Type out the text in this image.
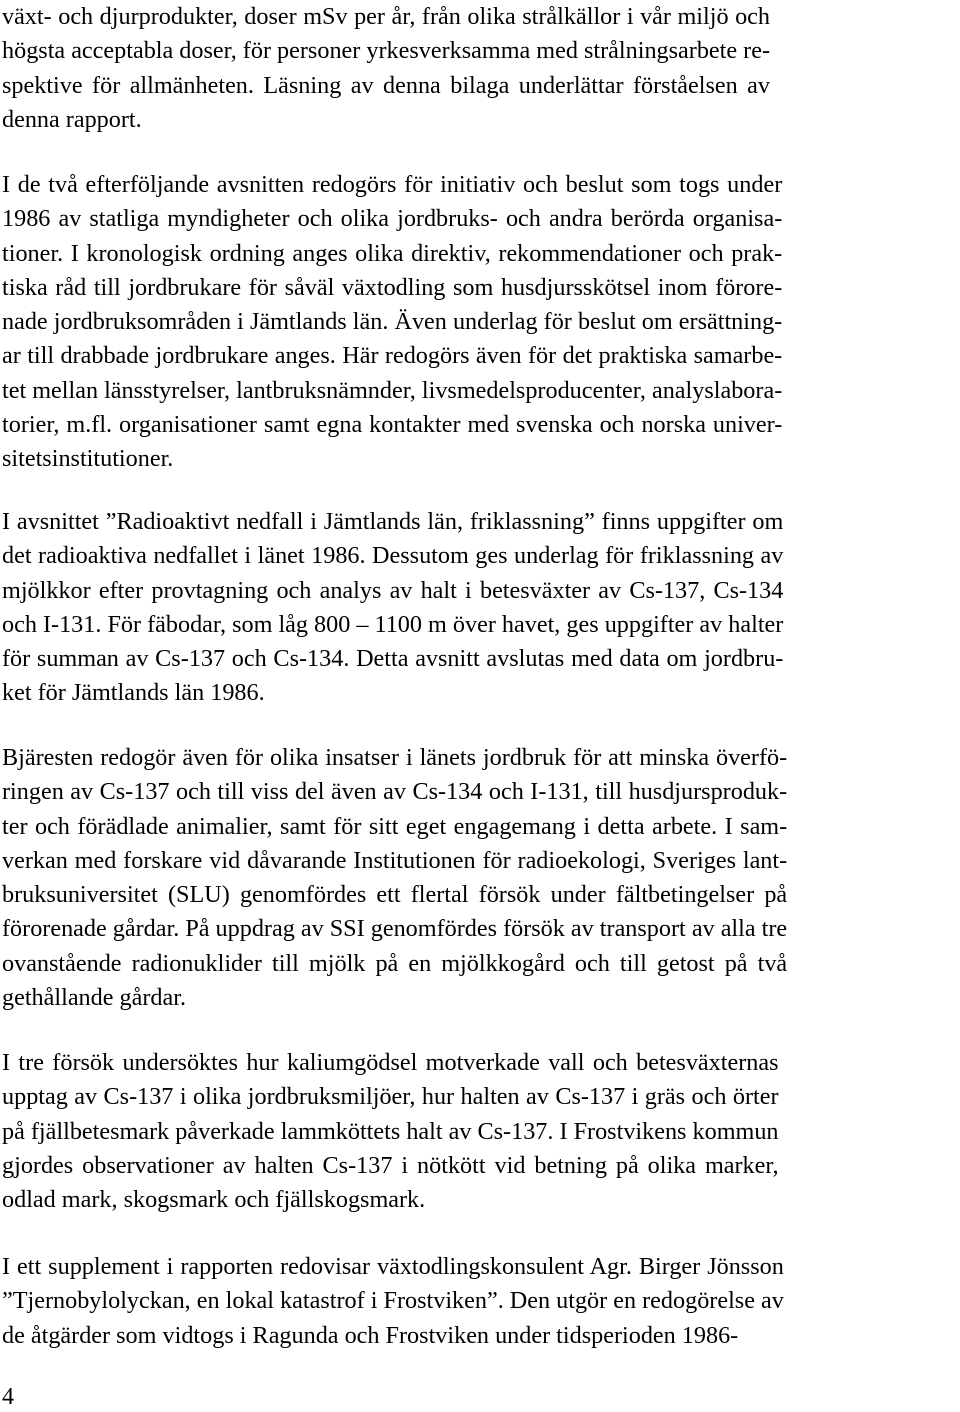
växt- och djurprodukter, doser mSv per år, från olika strålkällor i vår miljö och
högsta acceptabla doser, för personer yrkesverksamma med strålningsarbete re-
spektive för allmänheten. Läsning av denna bilaga underlättar förståelsen av
denna rapport.

I de två efterföljande avsnitten redogörs för initiativ och beslut som togs under
1986 av statliga myndigheter och olika jordbruks- och andra berörda organisa-
tioner. I kronologisk ordning anges olika direktiv, rekommendationer och prak-
tiska råd till jordbrukare för såväl växtodling som husdjursskötsel inom förore-
nade jordbruksområden i Jämtlands län. Även underlag för beslut om ersättning-
ar till drabbade jordbrukare anges. Här redogörs även för det praktiska samarbe-
tet mellan länsstyrelser, lantbruksnämnder, livsmedelsproducenter, analyslabora-
torier, m.fl. organisationer samt egna kontakter med svenska och norska univer-
sitetsinstitutioner.

I avsnittet ”Radioaktivt nedfall i Jämtlands län, friklassning” finns uppgifter om
det radioaktiva nedfallet i länet 1986. Dessutom ges underlag för friklassning av
mjölkkor efter provtagning och analys av halt i betesväxter av Cs-137, Cs-134
och I-131. För fäbodar, som låg 800 – 1100 m över havet, ges uppgifter av halter
för summan av Cs-137 och Cs-134. Detta avsnitt avslutas med data om jordbru-
ket för Jämtlands län 1986.

Bjäresten redogör även för olika insatser i länets jordbruk för att minska överfö-
ringen av Cs-137 och till viss del även av Cs-134 och I-131, till husdjursproduk-
ter och förädlade animalier, samt för sitt eget engagemang i detta arbete. I sam-
verkan med forskare vid dåvarande Institutionen för radioekologi, Sveriges lant-
bruksuniversitet (SLU) genomfördes ett flertal försök under fältbetingelser på
förorenade gårdar. På uppdrag av SSI genomfördes försök av transport av alla tre
ovanstående radionuklider till mjölk på en mjölkkogård och till getost på två
gethållande gårdar.

I tre försök undersöktes hur kaliumgödsel motverkade vall och betesväxternas
upptag av Cs-137 i olika jordbruksmiljöer, hur halten av Cs-137 i gräs och örter
på fjällbetesmark påverkade lammköttets halt av Cs-137. I Frostvikens kommun
gjordes observationer av halten Cs-137 i nötkött vid betning på olika marker,
odlad mark, skogsmark och fjällskogsmark.

I ett supplement i rapporten redovisar växtodlingskonsulent Agr. Birger Jönsson
”Tjernobylolyckan, en lokal katastrof i Frostviken”. Den utgör en redogörelse av
de åtgärder som vidtogs i Ragunda och Frostviken under tidsperioden 1986-

4
